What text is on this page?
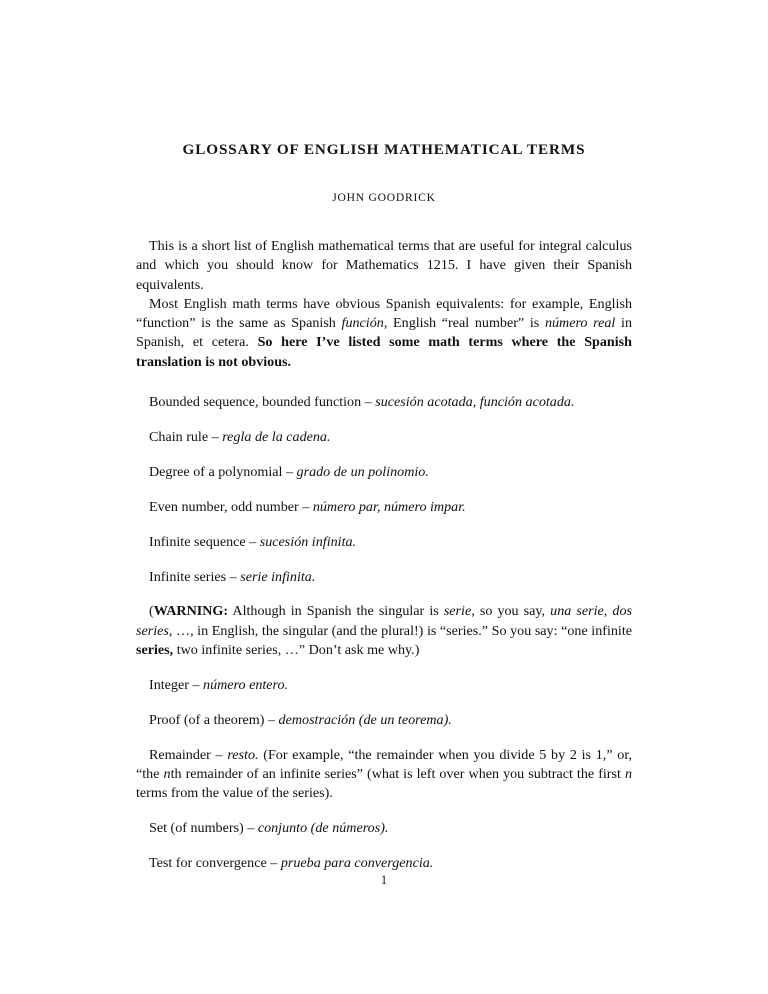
GLOSSARY OF ENGLISH MATHEMATICAL TERMS
JOHN GOODRICK

This is a short list of English mathematical terms that are useful for integral calculus and which you should know for Mathematics 1215. I have given their Spanish equivalents.

Most English math terms have obvious Spanish equivalents: for example, English “function” is the same as Spanish función, English “real number” is número real in Spanish, et cetera. So here I’ve listed some math terms where the Spanish translation is not obvious.

Bounded sequence, bounded function – sucesión acotada, función acotada.

Chain rule – regla de la cadena.

Degree of a polynomial – grado de un polinomio.

Even number, odd number – número par, número impar.

Infinite sequence – sucesión infinita.

Infinite series – serie infinita.

(WARNING: Although in Spanish the singular is serie, so you say, una serie, dos series, …, in English, the singular (and the plural!) is “series.” So you say: “one infinite series, two infinite series, …” Don’t ask me why.)

Integer – número entero.

Proof (of a theorem) – demostración (de un teorema).

Remainder – resto. (For example, “the remainder when you divide 5 by 2 is 1,” or, “the nth remainder of an infinite series” (what is left over when you subtract the first n terms from the value of the series).

Set (of numbers) – conjunto (de números).

Test for convergence – prueba para convergencia.

1
